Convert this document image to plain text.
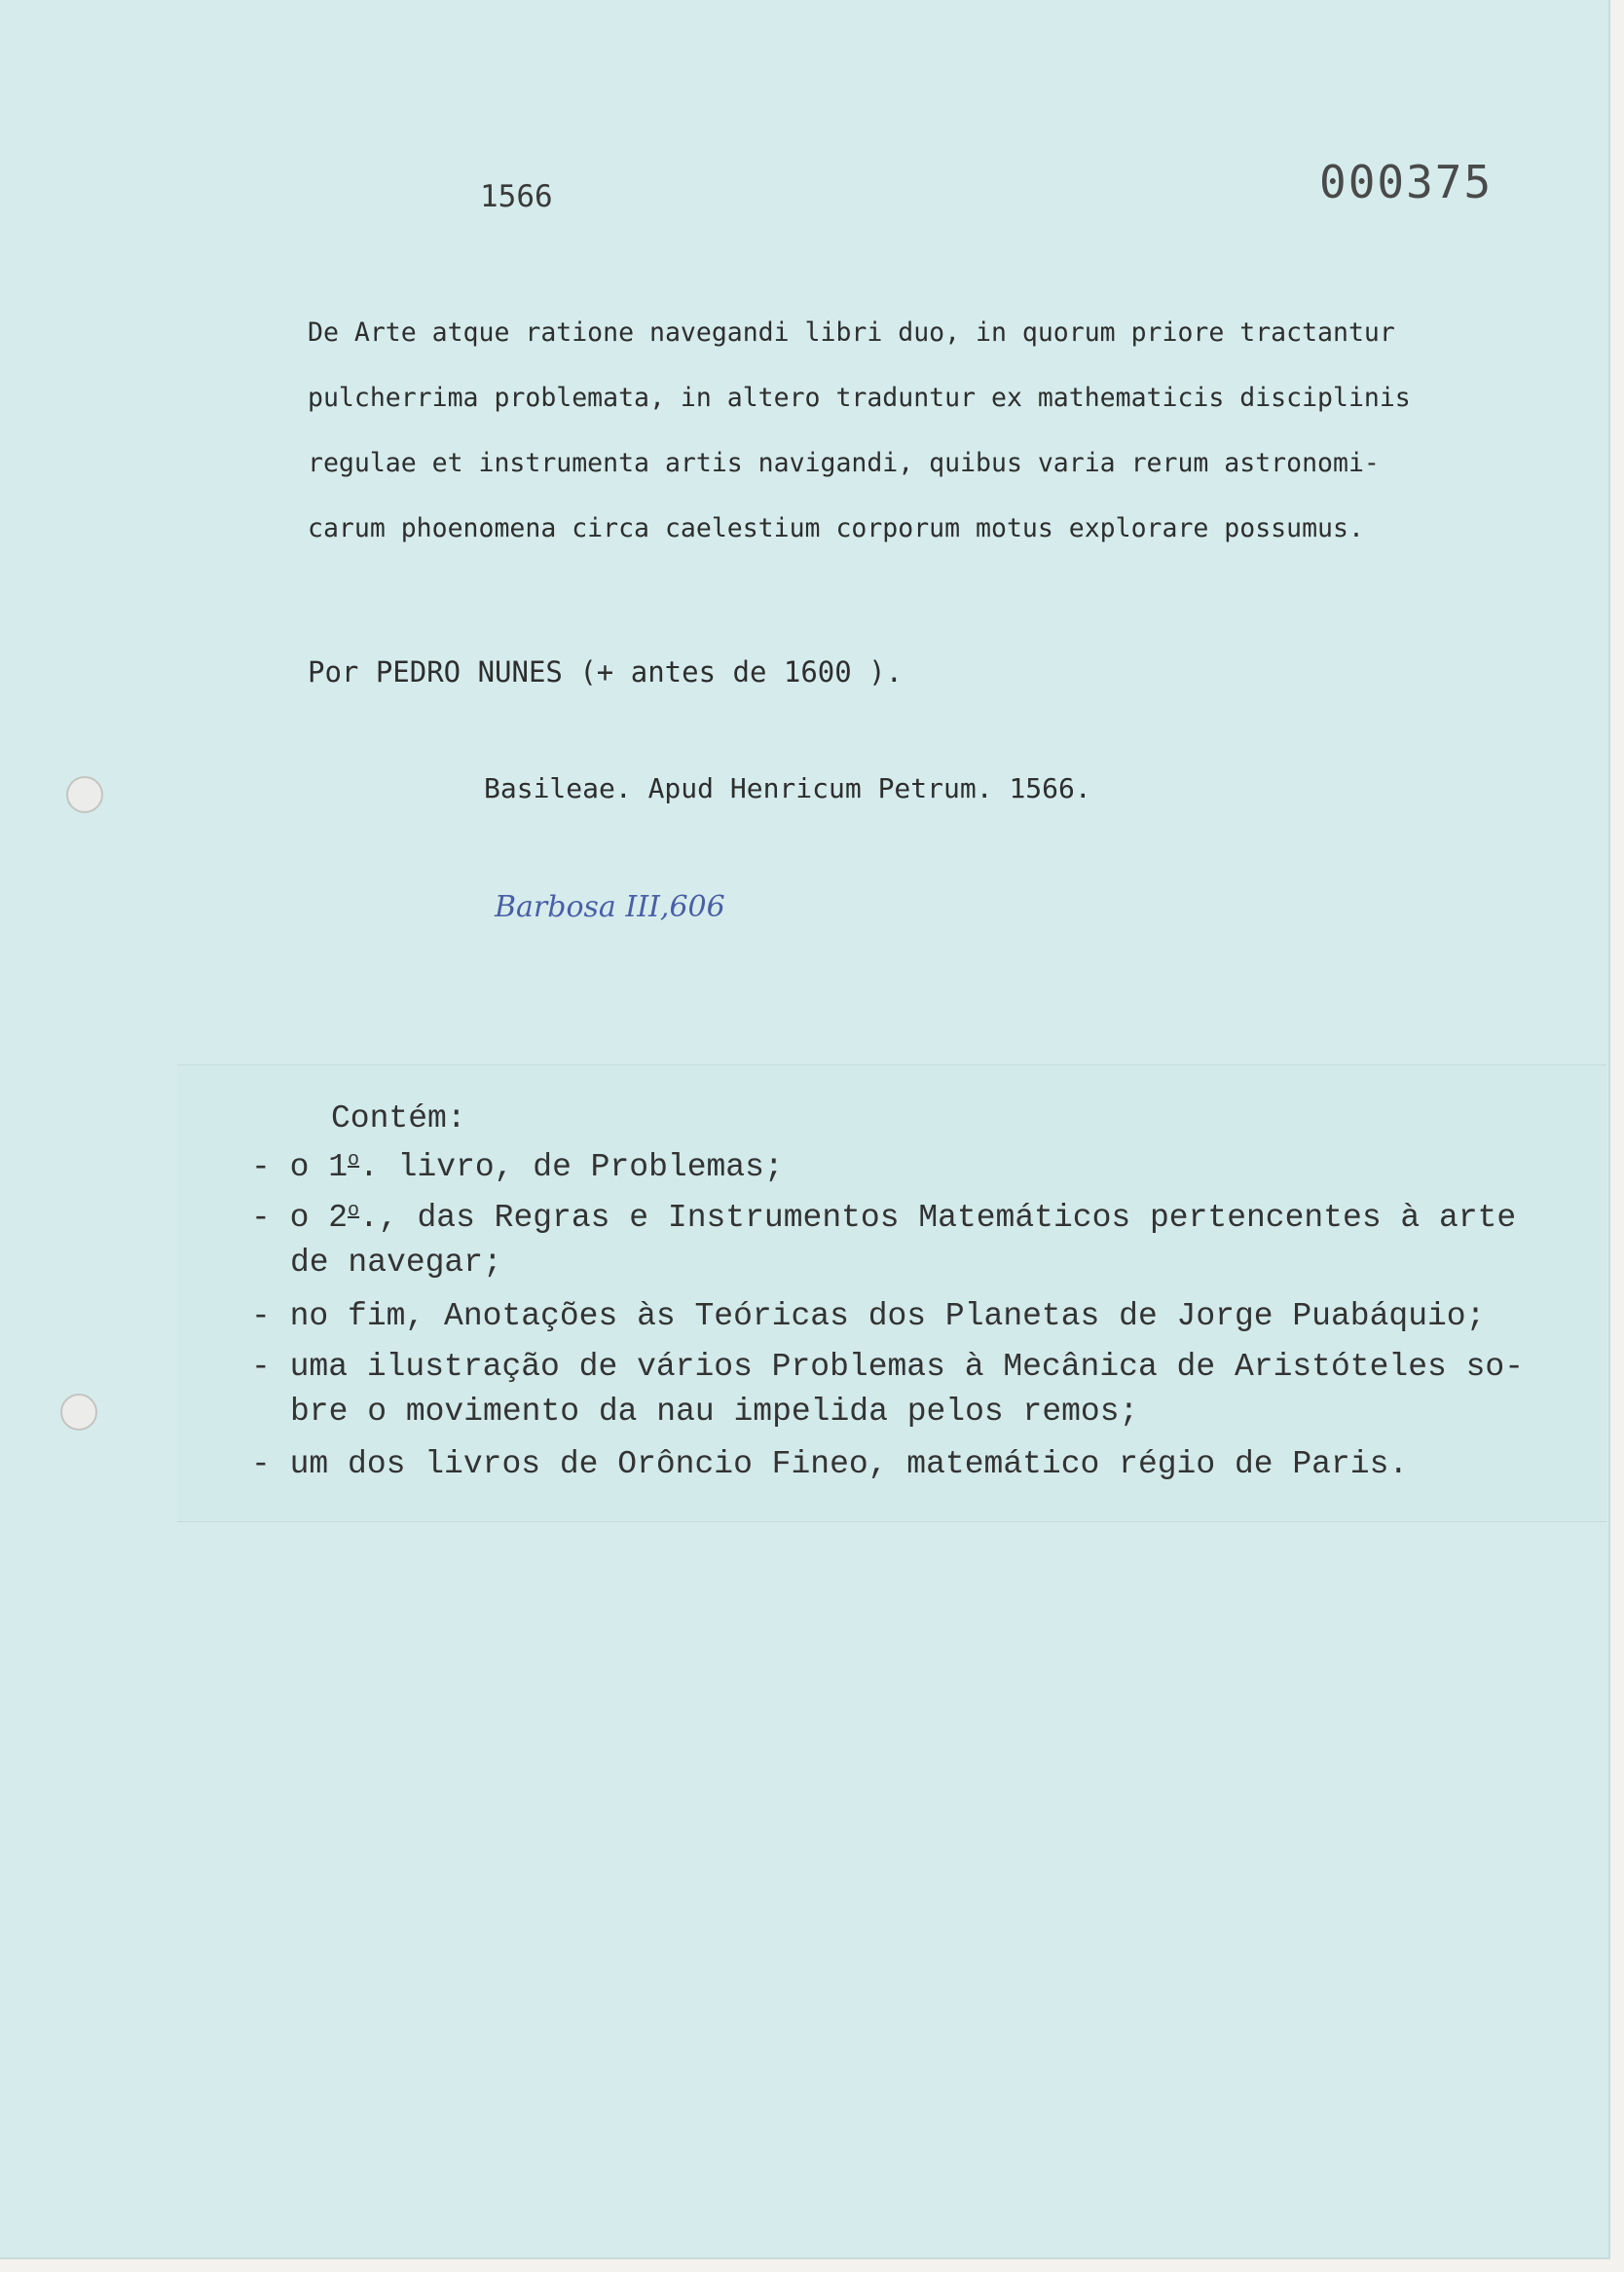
1566	000375
De Arte atque ratione navegandi libri duo, in quorum priore tractantur
pulcherrima problemata, in altero traduntur ex mathematicis disciplinis
regulae et instrumenta artis navigandi, quibus varia rerum astronomi-
carum phoenomena circa caelestium corporum motus explorare possumus.
Por PEDRO NUNES (+ antes de 1600 ).
Basileae. Apud Henricum Petrum. 1566.
Barbosa III,606
Contém:
- o 1$^o$. livro, de Problemas;
- o 2$^o$., das Regras e Instrumentos Matemáticos pertencentes à arte
de navegar;
- no fim, Anotações às Teóricas dos Planetas de Jorge Puabáquio;
- uma ilustração de vários Problemas à Mecânica de Aristóteles so-
bre o movimento da nau impelida pelos remos;
- um dos livros de Orôncio Fineo, matemático régio de Paris.
